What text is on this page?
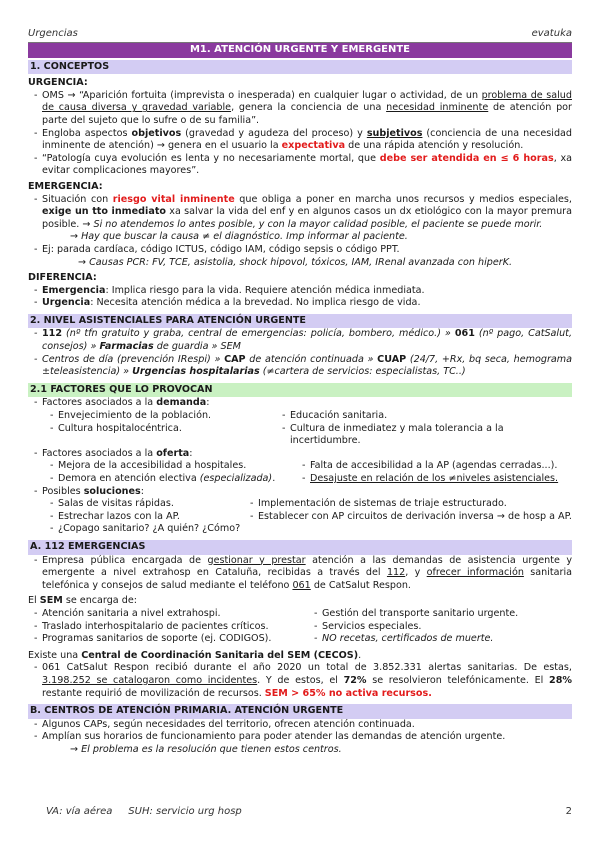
Urgencias	evatuka
M1. ATENCIÓN URGENTE Y EMERGENTE
1. CONCEPTOS
URGENCIA:
- OMS → “Aparición fortuita (imprevista o inesperada) en cualquier lugar o actividad, de un problema de salud de causa diversa y gravedad variable, genera la conciencia de una necesidad inminente de atención por parte del sujeto que lo sufre o de su familia”.
- Engloba aspectos objetivos (gravedad y agudeza del proceso) y subjetivos (conciencia de una necesidad inminente de atención) → genera en el usuario la expectativa de una rápida atención y resolución.
- “Patología cuya evolución es lenta y no necesariamente mortal, que debe ser atendida en ≤ 6 horas, xa evitar complicaciones mayores”.
EMERGENCIA:
- Situación con riesgo vital inminente que obliga a poner en marcha unos recursos y medios especiales, exige un tto inmediato xa salvar la vida del enf y en algunos casos un dx etiológico con la mayor premura posible. → Si no atendemos lo antes posible, y con la mayor calidad posible, el paciente se puede morir.
→ Hay que buscar la causa ≠ el diagnóstico. Imp informar al paciente.
- Ej: parada cardíaca, código ICTUS, código IAM, código sepsis o código PPT.
→ Causas PCR: FV, TCE, asistolia, shock hipovol, tóxicos, IAM, IRenal avanzada con hiperK.
DIFERENCIA:
- Emergencia: Implica riesgo para la vida. Requiere atención médica inmediata.
- Urgencia: Necesita atención médica a la brevedad. No implica riesgo de vida.
2. NIVEL ASISTENCIALES PARA ATENCIÓN URGENTE
- 112 (nº tfn gratuito y graba, central de emergencias: policía, bombero, médico.) » 061 (nº pago, CatSalut, consejos) » Farmacias de guardia » SEM
- Centros de día (prevención IRespi) » CAP de atención continuada » CUAP (24/7, +Rx, bq seca, hemograma ±teleasistencia) » Urgencias hospitalarias (≠cartera de servicios: especialistas, TC..)
2.1 FACTORES QUE LO PROVOCAN
- Factores asociados a la demanda:
- Envejecimiento de la población.	- Educación sanitaria.
- Cultura hospitalocéntrica.	- Cultura de inmediatez y mala tolerancia a la incertidumbre.
- Factores asociados a la oferta:
- Mejora de la accesibilidad a hospitales.	- Falta de accesibilidad a la AP (agendas cerradas...).
- Demora en atención electiva (especializada).	- Desajuste en relación de los ≠niveles asistenciales.
- Posibles soluciones:
- Salas de visitas rápidas.	- Implementación de sistemas de triaje estructurado.
- Estrechar lazos con la AP.	- Establecer con AP circuitos de derivación inversa → de hosp a AP.
- ¿Copago sanitario? ¿A quién? ¿Cómo?
A. 112 EMERGENCIAS
- Empresa pública encargada de gestionar y prestar atención a las demandas de asistencia urgente y emergente a nivel extrahosp en Cataluña, recibidas a través del 112, y ofrecer información sanitaria telefónica y consejos de salud mediante el teléfono 061 de CatSalut Respon.
El SEM se encarga de:
- Atención sanitaria a nivel extrahospi.	- Gestión del transporte sanitario urgente.
- Traslado interhospitalario de pacientes críticos.	- Servicios especiales.
- Programas sanitarios de soporte (ej. CODIGOS).	- NO recetas, certificados de muerte.
Existe una Central de Coordinación Sanitaria del SEM (CECOS).
- 061 CatSalut Respon recibió durante el año 2020 un total de 3.852.331 alertas sanitarias. De estas, 3.198.252 se catalogaron como incidentes. Y de estos, el 72% se resolvieron telefónicamente. El 28% restante requirió de movilización de recursos. SEM > 65% no activa recursos.
B. CENTROS DE ATENCIÓN PRIMARIA. ATENCIÓN URGENTE
- Algunos CAPs, según necesidades del territorio, ofrecen atención continuada.
- Amplían sus horarios de funcionamiento para poder atender las demandas de atención urgente.
→ El problema es la resolución que tienen estos centros.
VA: vía aérea     SUH: servicio urg hosp	2
